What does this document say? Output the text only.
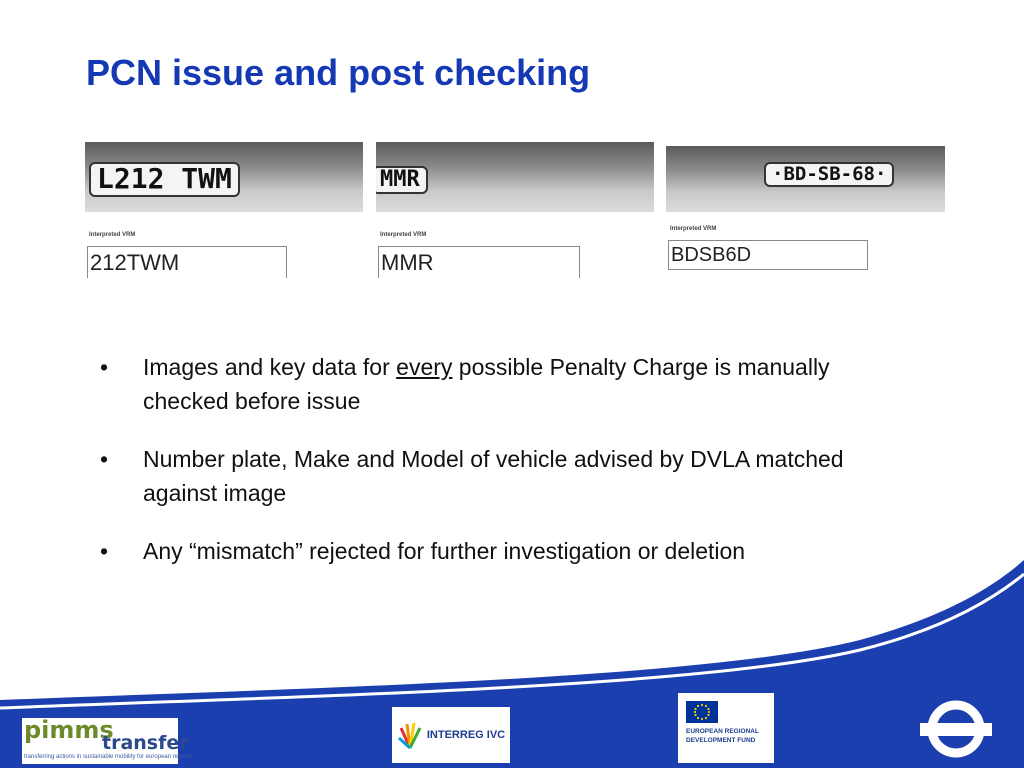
PCN issue and post checking
L212 TWM
Interpreted VRM
212TWM
MMR
Interpreted VRM
MMR
·BD-SB-68·
Interpreted VRM
BDSB6D
• Images and key data for every possible Penalty Charge is manually checked before issue
• Number plate, Make and Model of vehicle advised by DVLA matched against image
• Any “mismatch” rejected for further investigation or deletion
pimms
transfer
transferring actions in sustainable mobility for european regions
INTERREG IVC	EUROPEAN REGIONAL
DEVELOPMENT FUND
